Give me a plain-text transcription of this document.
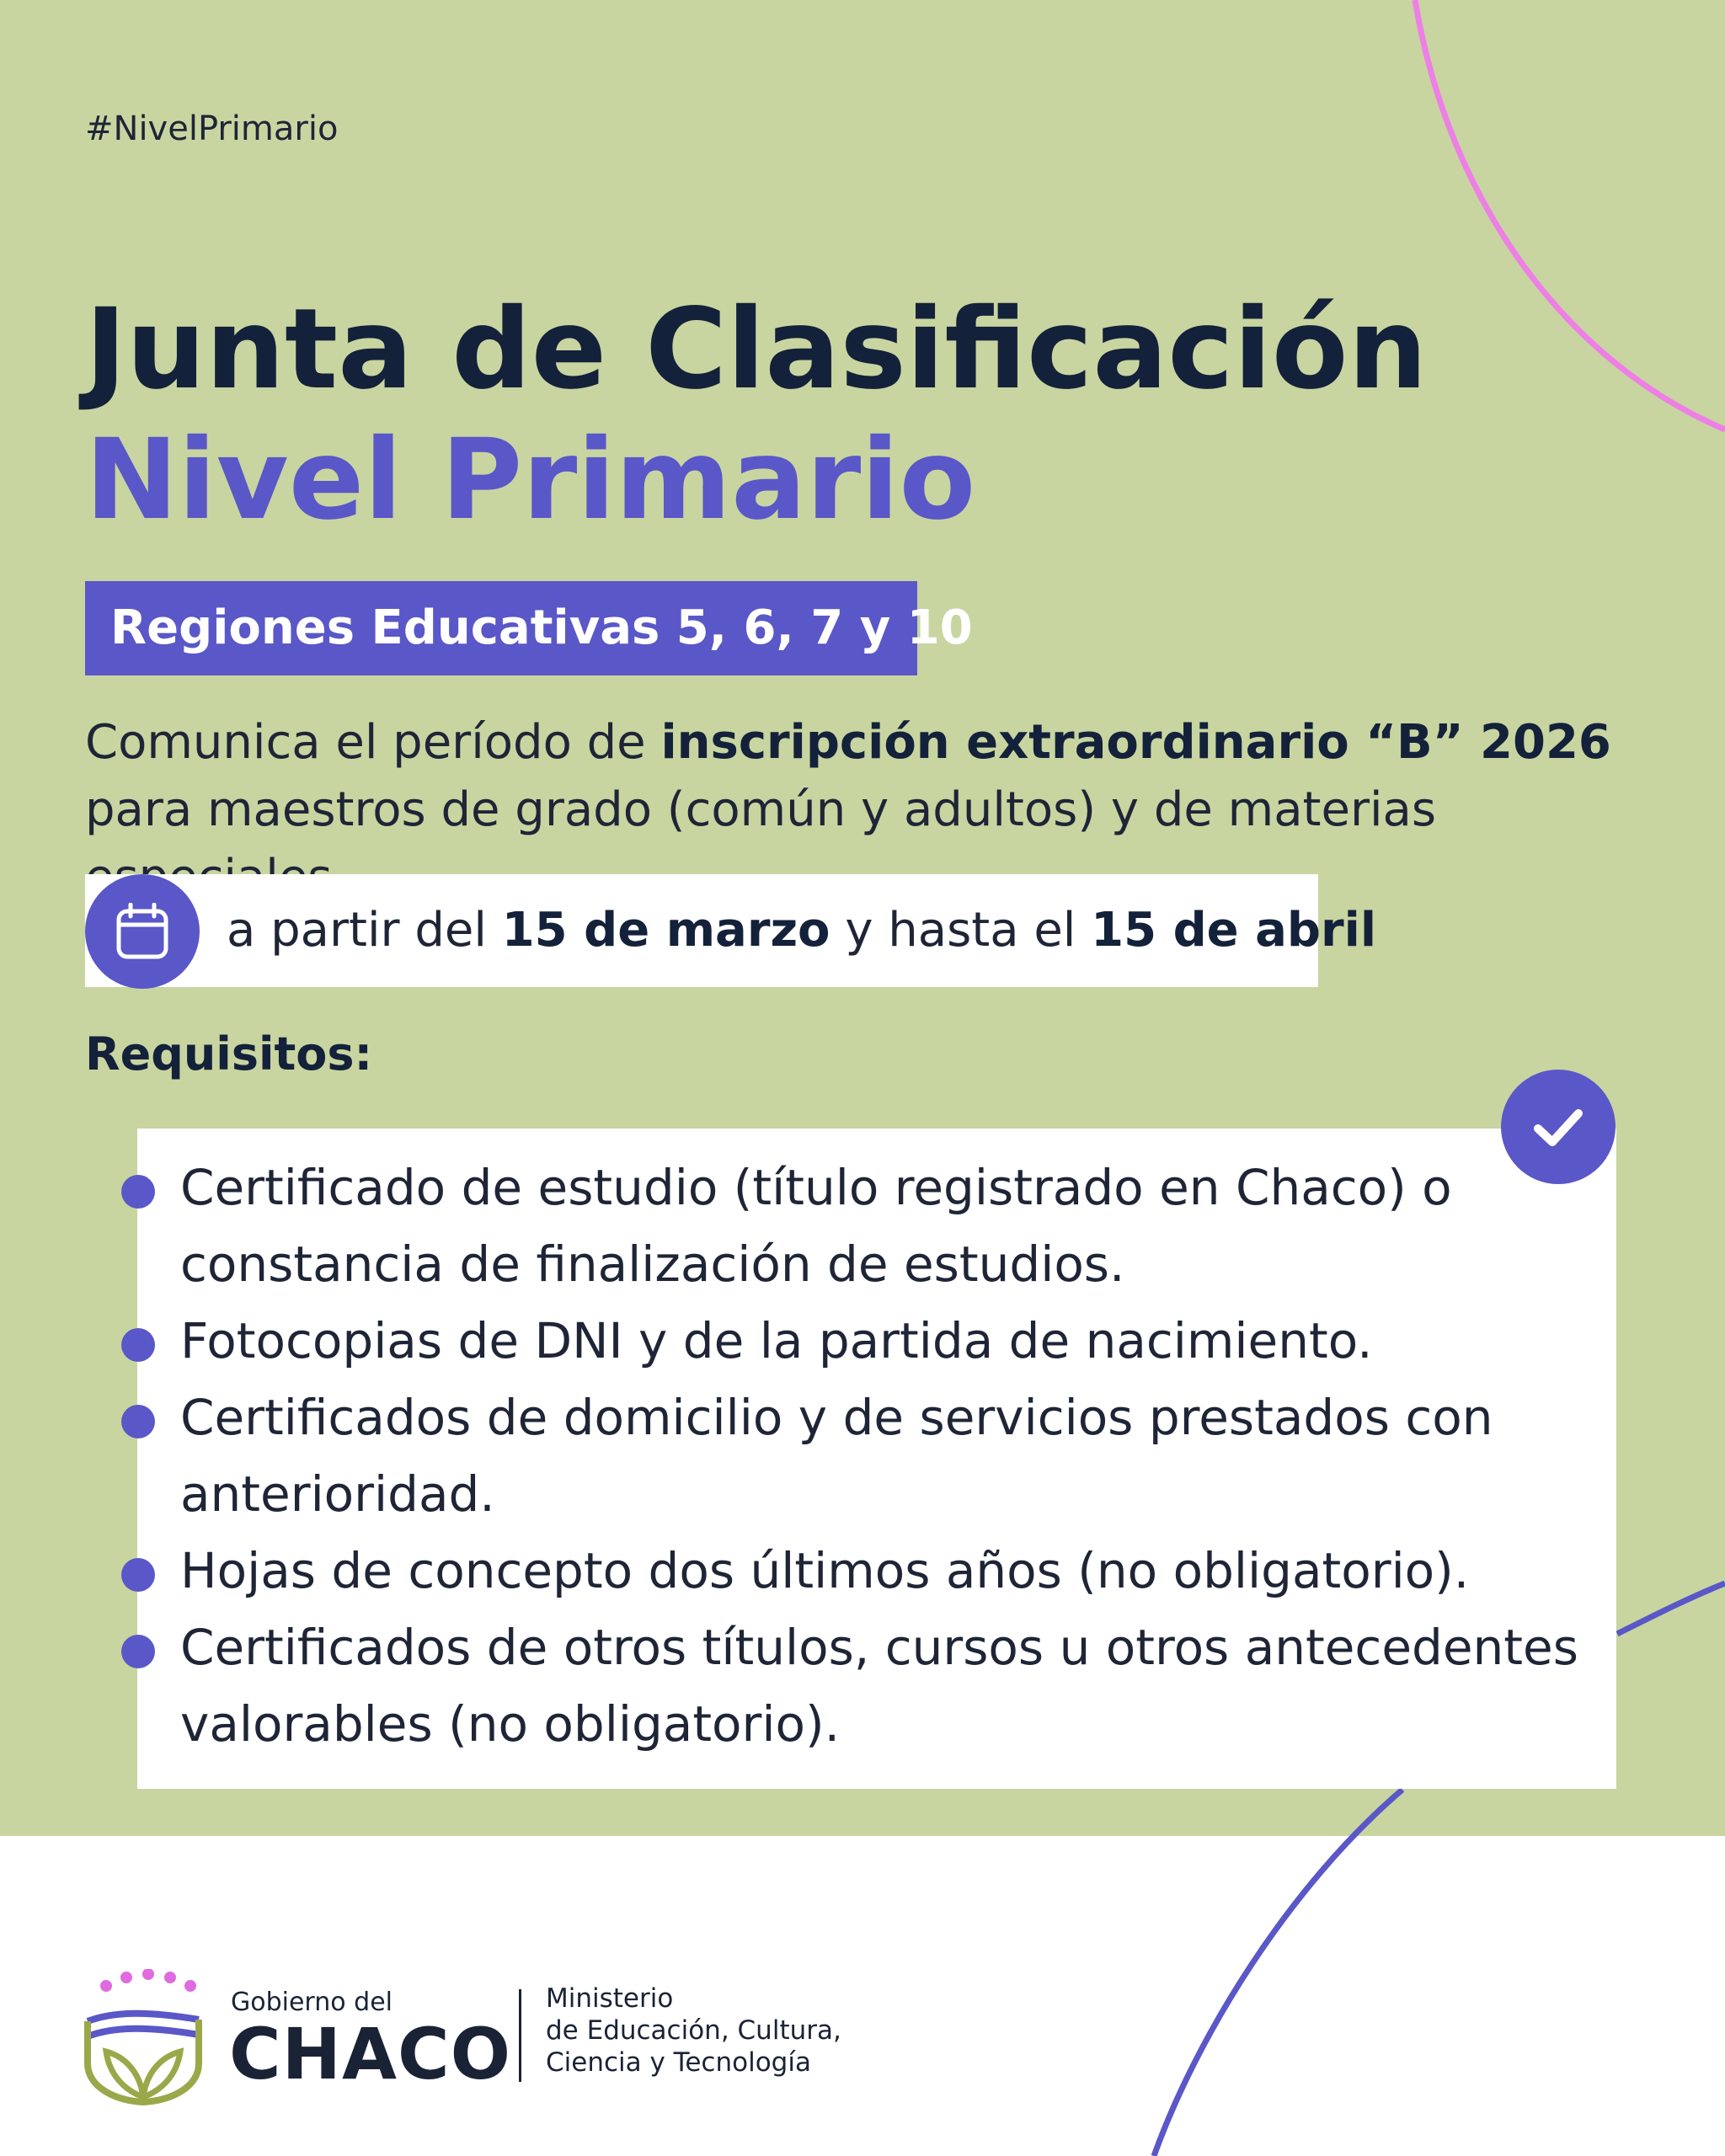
#NivelPrimario
Junta de Clasificación
Nivel Primario
Regiones Educativas 5, 6, 7 y 10
Comunica el período de inscripción extraordinario “B” 2026 para maestros de grado (común y adultos) y de materias
a partir del 15 de marzo y hasta el 15 de abril
Requisitos:
Certificado de estudio (título registrado en Chaco) o constancia de finalización de estudios.
Fotocopias de DNI y de la partida de nacimiento.
Certificados de domicilio y de servicios prestados con anterioridad.
Hojas de concepto dos últimos años (no obligatorio).
Certificados de otros títulos, cursos u otros antecedentes valorables (no obligatorio).
Gobierno del
CHACO
Ministerio
de Educación, Cultura,
Ciencia y Tecnología
